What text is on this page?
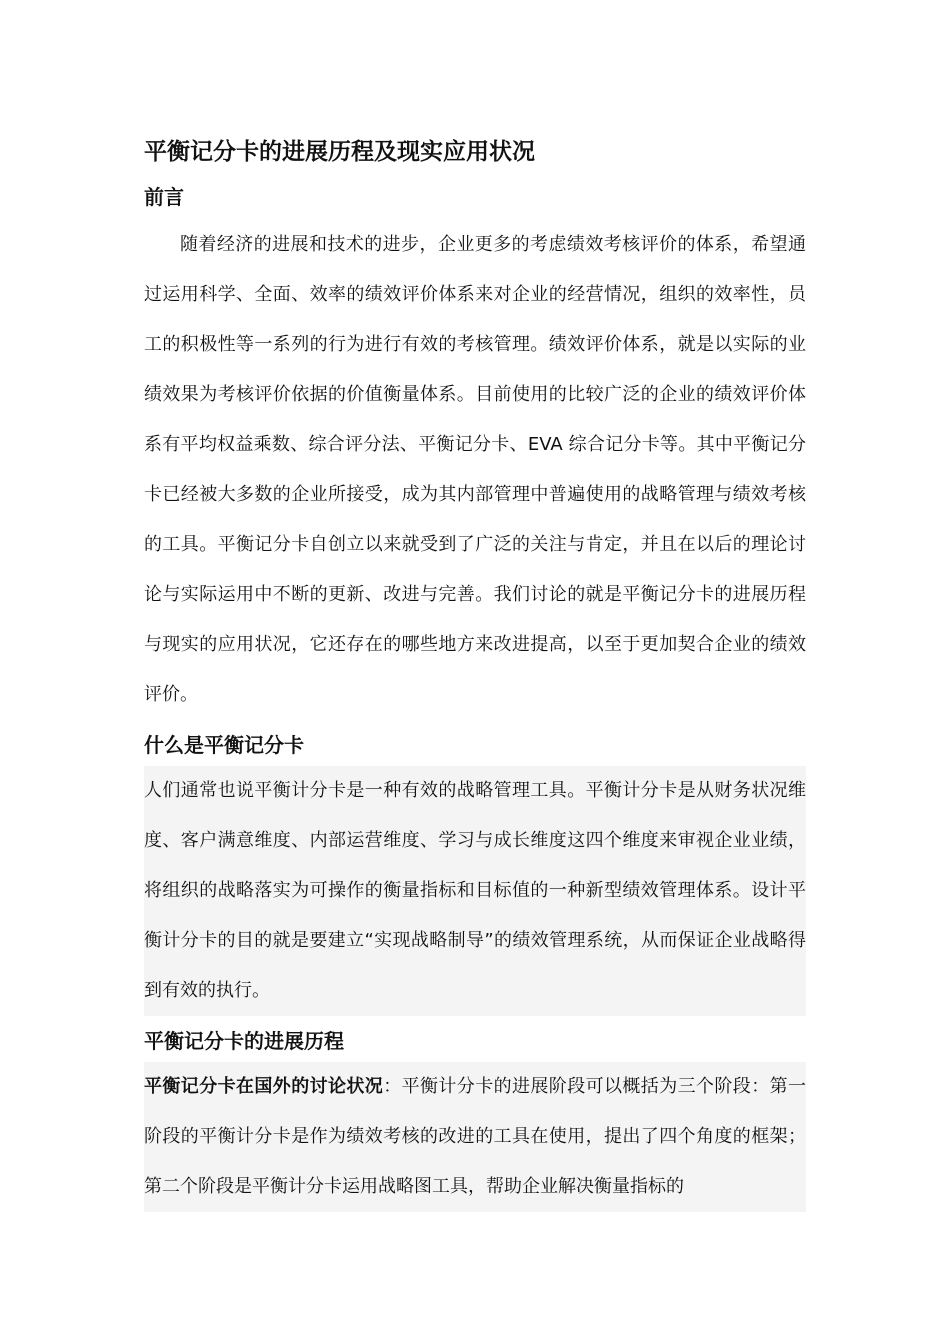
平衡记分卡的进展历程及现实应用状况
前言

随着经济的进展和技术的进步，企业更多的考虑绩效考核评价的体系，希望通过运用科学、全面、效率的绩效评价体系来对企业的经营情况，组织的效率性，员工的积极性等一系列的行为进行有效的考核管理。绩效评价体系，就是以实际的业绩效果为考核评价依据的价值衡量体系。目前使用的比较广泛的企业的绩效评价体系有平均权益乘数、综合评分法、平衡记分卡、EVA 综合记分卡等。其中平衡记分卡已经被大多数的企业所接受，成为其内部管理中普遍使用的战略管理与绩效考核的工具。平衡记分卡自创立以来就受到了广泛的关注与肯定，并且在以后的理论讨论与实际运用中不断的更新、改进与完善。我们讨论的就是平衡记分卡的进展历程与现实的应用状况，它还存在的哪些地方来改进提高，以至于更加契合企业的绩效评价。

什么是平衡记分卡

人们通常也说平衡计分卡是一种有效的战略管理工具。平衡计分卡是从财务状况维度、客户满意维度、内部运营维度、学习与成长维度这四个维度来审视企业业绩，将组织的战略落实为可操作的衡量指标和目标值的一种新型绩效管理体系。设计平衡计分卡的目的就是要建立“实现战略制导”的绩效管理系统，从而保证企业战略得到有效的执行。

平衡记分卡的进展历程

平衡记分卡在国外的讨论状况：平衡计分卡的进展阶段可以概括为三个阶段：第一阶段的平衡计分卡是作为绩效考核的改进的工具在使用，提出了四个角度的框架；第二个阶段是平衡计分卡运用战略图工具，帮助企业解决衡量指标的
